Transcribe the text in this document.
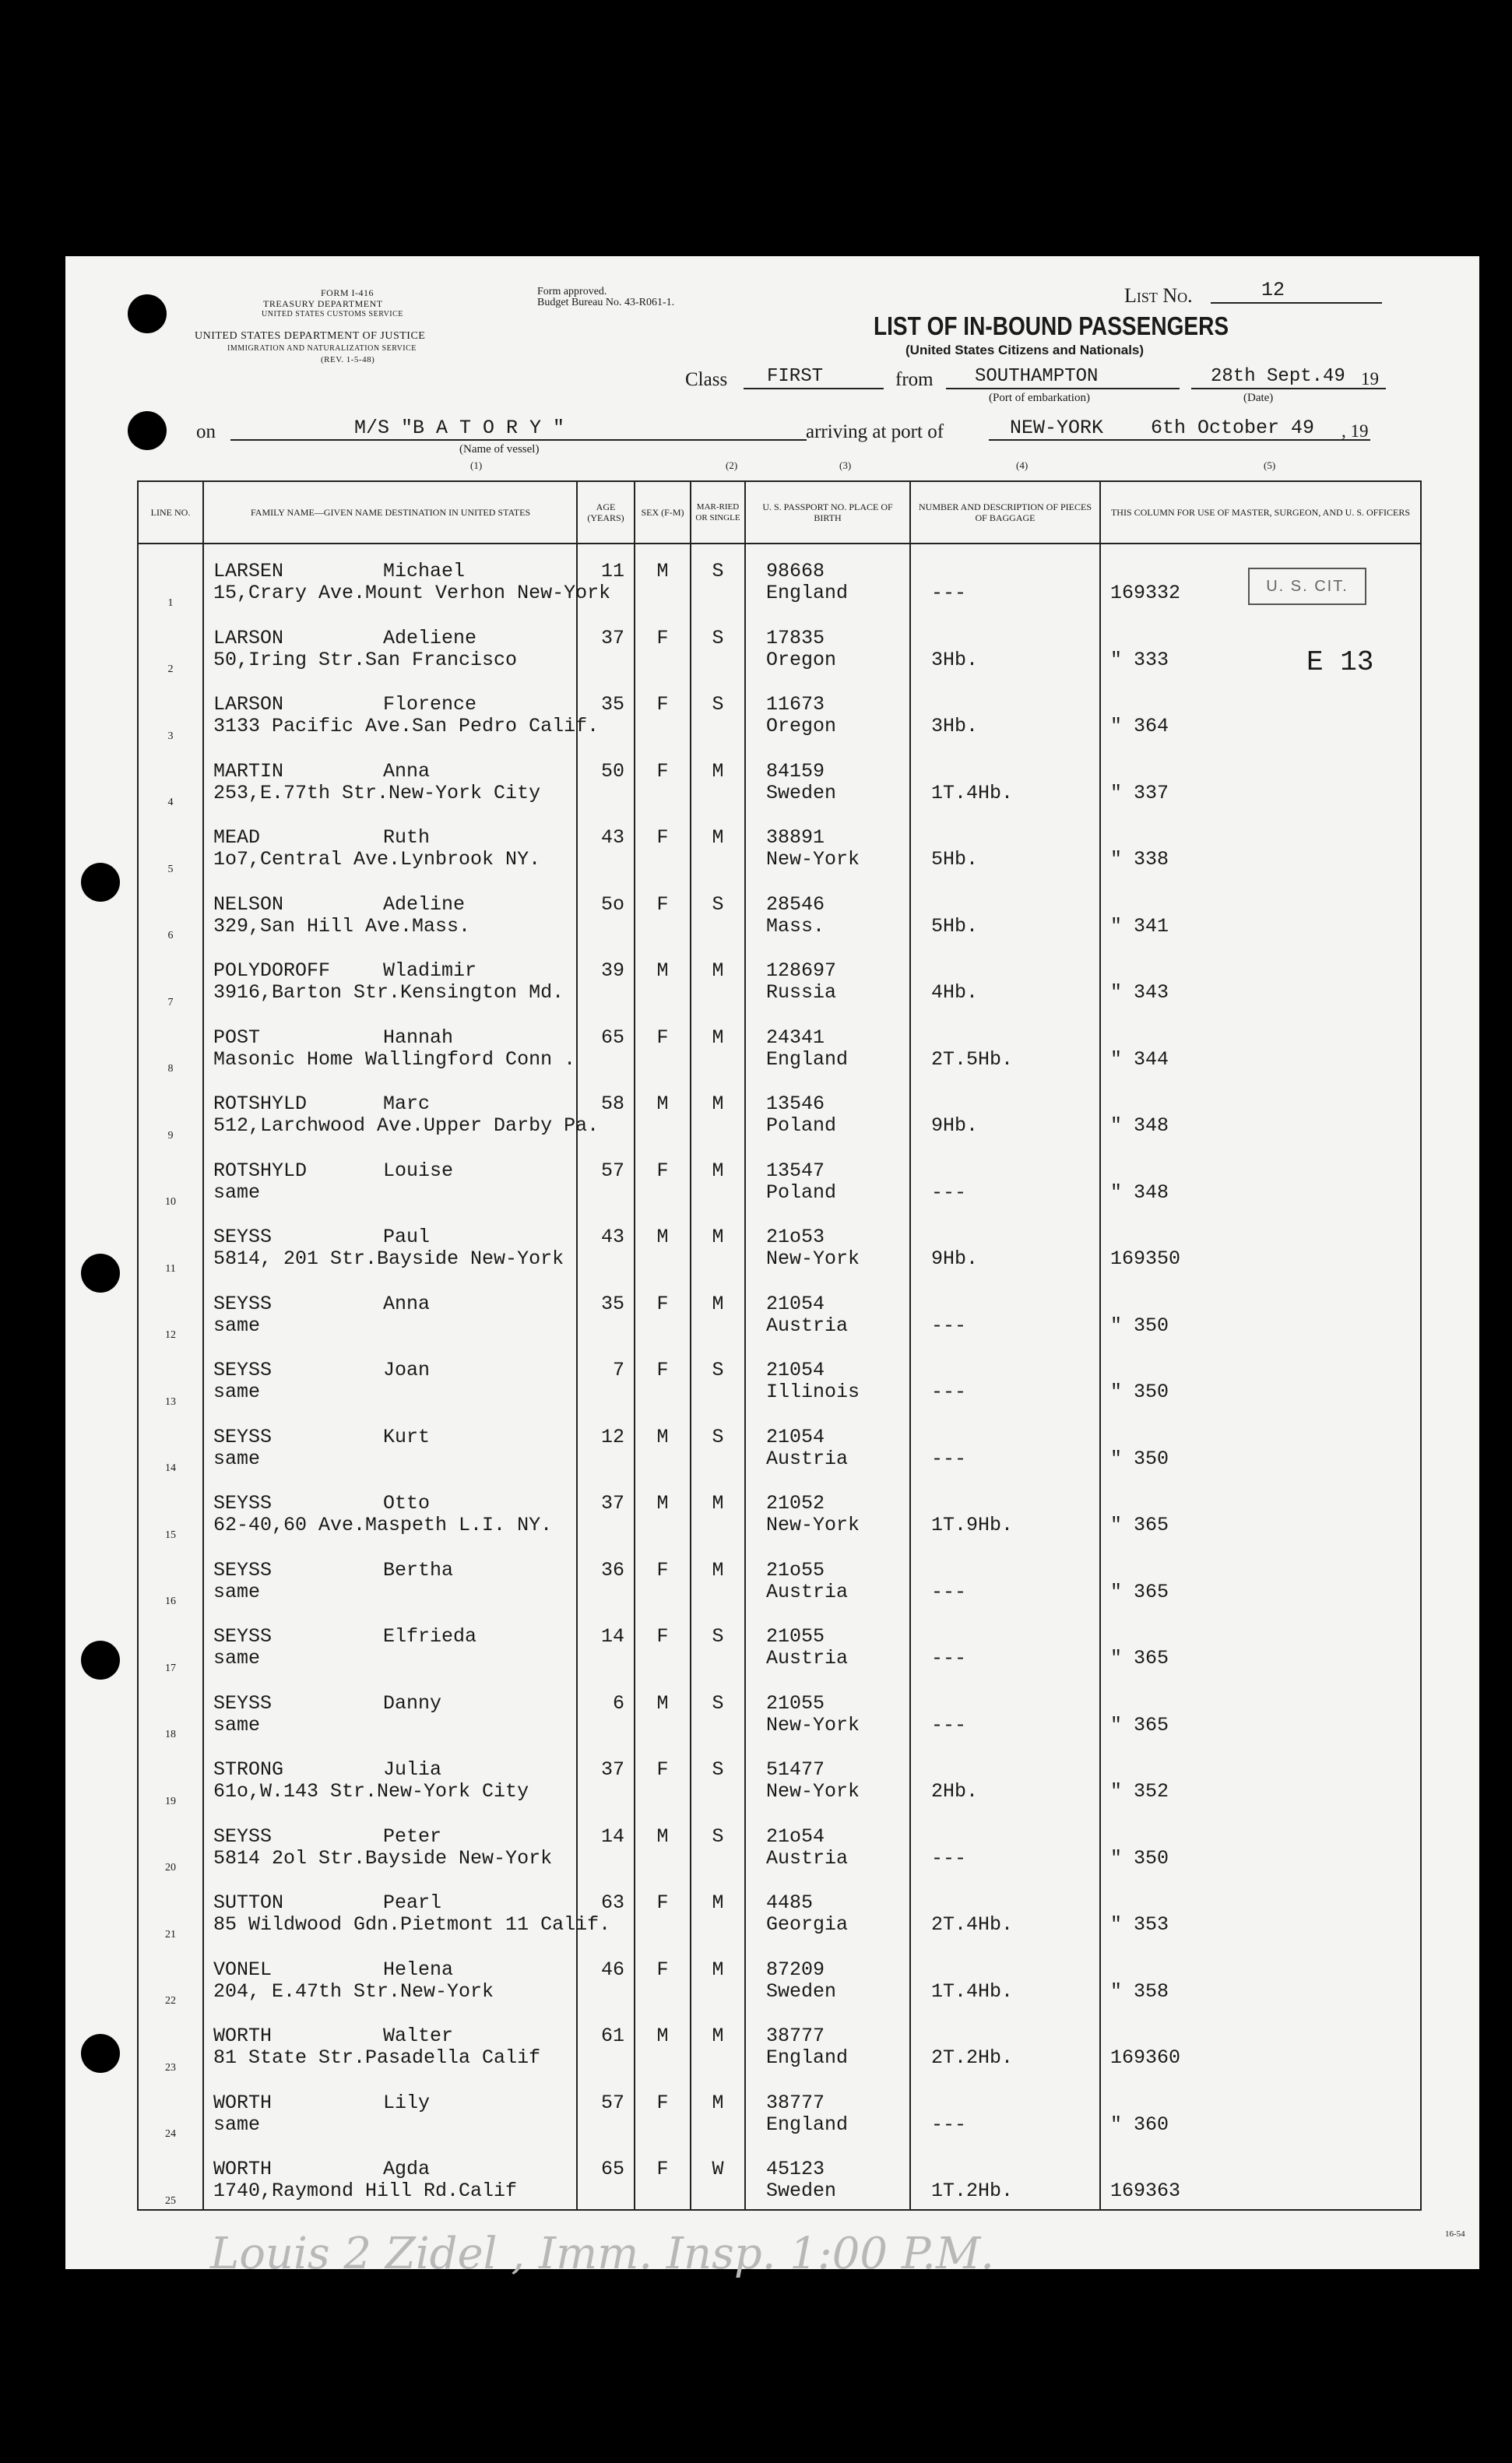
FORM I-416
TREASURY DEPARTMENT
UNITED STATES CUSTOMS SERVICE
UNITED STATES DEPARTMENT OF JUSTICE
IMMIGRATION AND NATURALIZATION SERVICE
(REV. 1-5-48)
Form approved.
Budget Bureau No. 43-R061-1.	List No.	12
LIST OF IN-BOUND PASSENGERS
(United States Citizens and Nationals)
Class FIRST	from SOUTHAMPTON
(Port of embarkation)
28th Sept.49 19
(Date)
on	M/S "B A T O R Y "
(Name of vessel)
arriving at port of	NEW-YORK 6th October 49 , 19
(1)	(2)	(3)	(4)	(5)
LINE NO.	FAMILY NAME—GIVEN NAME DESTINATION IN UNITED STATES	AGE (YEARS)	SEX (F-M)	MAR-RIED OR SINGLE	U. S. PASSPORT NO. PLACE OF BIRTH	NUMBER AND DESCRIPTION OF PIECES OF BAGGAGE	THIS COLUMN FOR USE OF MASTER, SURGEON, AND U. S. OFFICERS

1	LARSEN Michael
15,Crary Ave.Mount Verhon New-York	11	M	S	98668
England	---	169332

2	LARSON Adeliene
50,Iring Str.San Francisco	37	F	S	17835
Oregon	3Hb.	" 333

3	LARSON Florence
3133 Pacific Ave.San Pedro Calif.	35	F	S	11673
Oregon	3Hb.	" 364

4	MARTIN Anna
253,E.77th Str.New-York City	50	F	M	84159
Sweden	1T.4Hb.	" 337

5	MEAD Ruth
1o7,Central Ave.Lynbrook NY.	43	F	M	38891
New-York	5Hb.	" 338

6	NELSON Adeline
329,San Hill Ave.Mass.	5o	F	S	28546
Mass.	5Hb.	" 341

7	POLYDOROFF Wladimir
3916,Barton Str.Kensington Md.	39	M	M	128697
Russia	4Hb.	" 343

8	POST Hannah
Masonic Home Wallingford Conn .	65	F	M	24341
England	2T.5Hb.	" 344

9	ROTSHYLD Marc
512,Larchwood Ave.Upper Darby Pa.	58	M	M	13546
Poland	9Hb.	" 348

10	ROTSHYLD Louise
same	57	F	M	13547
Poland	---	" 348

11	SEYSS Paul
5814, 201 Str.Bayside New-York	43	M	M	21o53
New-York	9Hb.	169350

12	SEYSS Anna
same	35	F	M	21054
Austria	---	" 350

13	SEYSS Joan
same	7	F	S	21054
Illinois	---	" 350

14	SEYSS Kurt
same	12	M	S	21054
Austria	---	" 350

15	SEYSS Otto
62-40,60 Ave.Maspeth L.I. NY.	37	M	M	21052
New-York	1T.9Hb.	" 365

16	SEYSS Bertha
same	36	F	M	21o55
Austria	---	" 365

17	SEYSS Elfrieda
same	14	F	S	21055
Austria	---	" 365

18	SEYSS Danny
same	6	M	S	21055
New-York	---	" 365

19	STRONG Julia
61o,W.143 Str.New-York City	37	F	S	51477
New-York	2Hb.	" 352

20	SEYSS Peter
5814 2ol Str.Bayside New-York	14	M	S	21o54
Austria	---	" 350

21	SUTTON Pearl
85 Wildwood Gdn.Pietmont 11 Calif.	63	F	M	4485
Georgia	2T.4Hb.	" 353

22	VONEL Helena
204, E.47th Str.New-York	46	F	M	87209
Sweden	1T.4Hb.	" 358

23	WORTH Walter
81 State Str.Pasadella Calif	61	M	M	38777
England	2T.2Hb.	169360

24	WORTH Lily
same	57	F	M	38777
England	---	" 360

25	WORTH Agda
1740,Raymond Hill Rd.Calif	65	F	W	45123
Sweden	1T.2Hb.	169363
U. S. CIT.
E 13
Louis 2 Zidel , Imm. Insp. 1:00 P.M.	16-54
